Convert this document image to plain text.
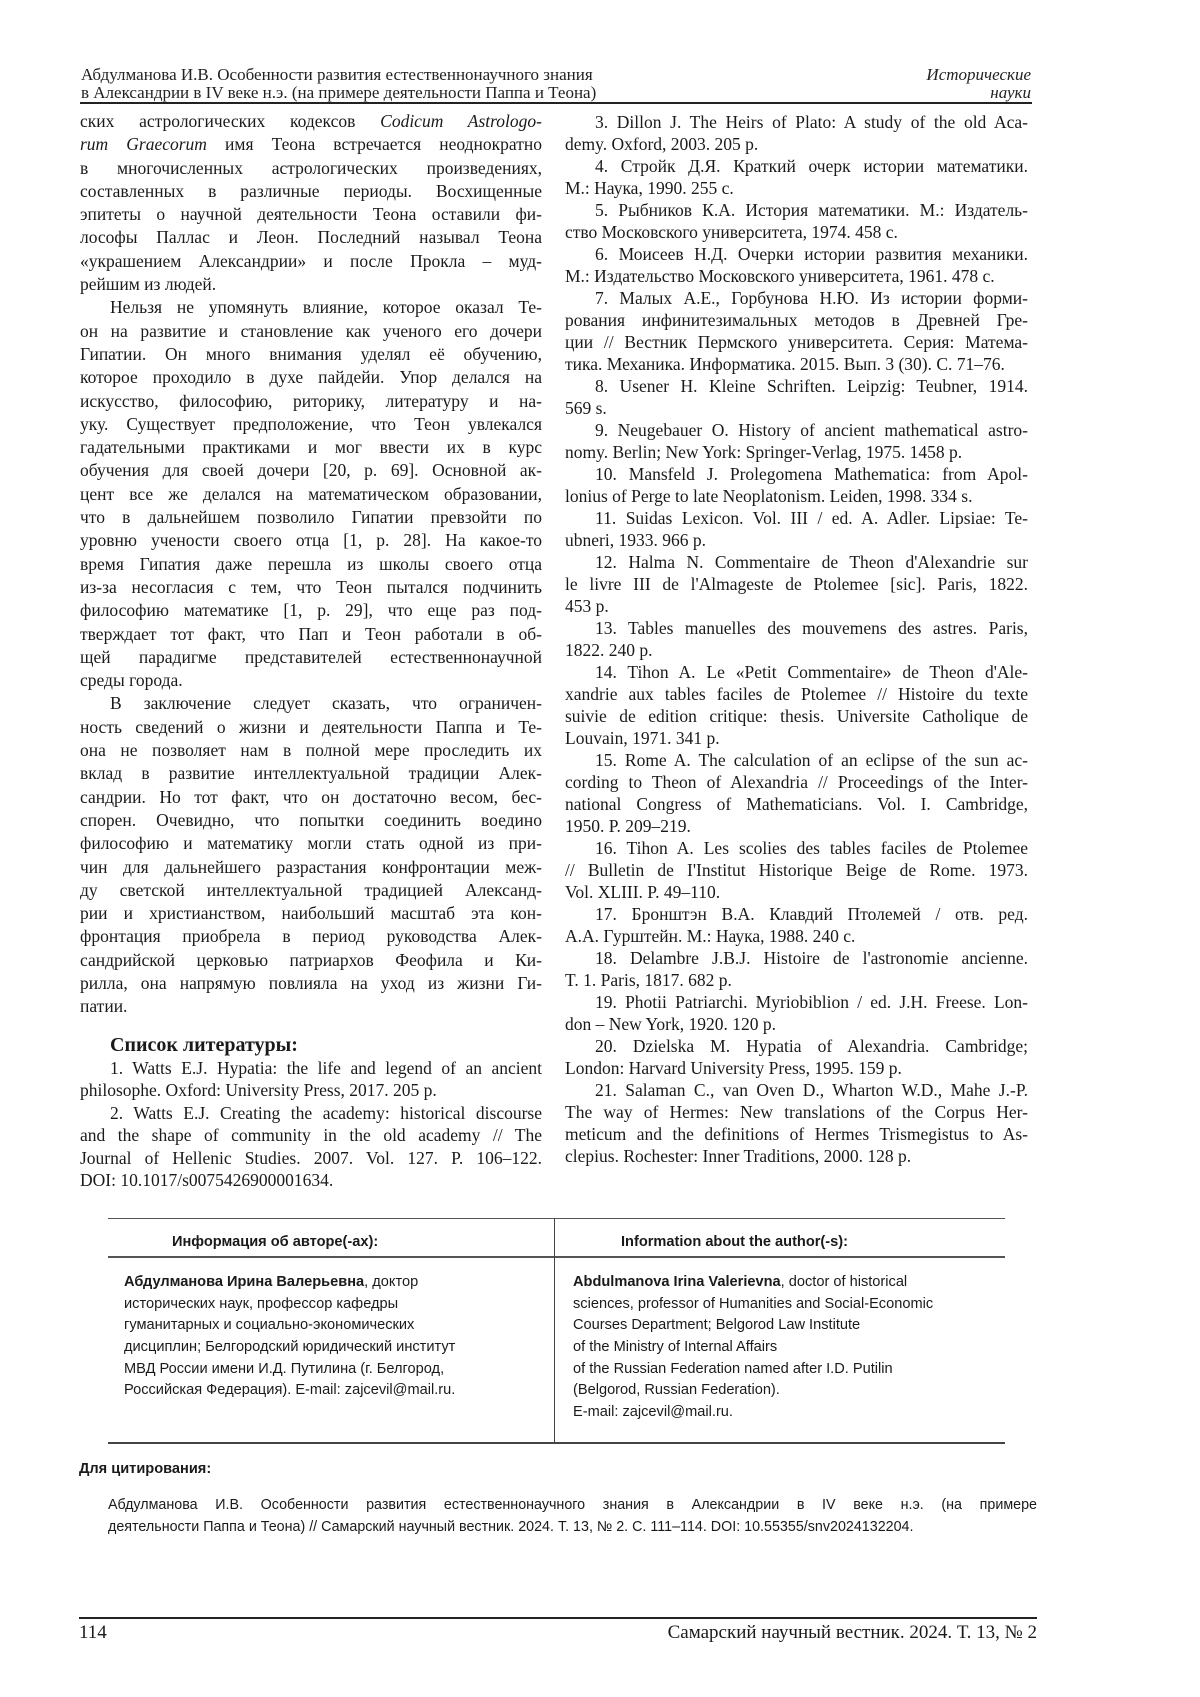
Абдулманова И.В. Особенности развития естественнонаучного знания
в Александрии в IV веке н.э. (на примере деятельности Паппа и Теона)
Исторические
науки
ских астрологических кодексов Codicum Astrologo-
rum Graecorum имя Теона встречается неоднократно
в многочисленных астрологических произведениях,
составленных в различные периоды. Восхищенные
эпитеты о научной деятельности Теона оставили фи-
лософы Паллас и Леон. Последний называл Теона
«украшением Александрии» и после Прокла – муд-
рейшим из людей.
Нельзя не упомянуть влияние, которое оказал Те-
он на развитие и становление как ученого его дочери
Гипатии. Он много внимания уделял её обучению,
которое проходило в духе пайдейи. Упор делался на
искусство, философию, риторику, литературу и на-
уку. Существует предположение, что Теон увлекался
гадательными практиками и мог ввести их в курс
обучения для своей дочери [20, p. 69]. Основной ак-
цент все же делался на математическом образовании,
что в дальнейшем позволило Гипатии превзойти по
уровню учености своего отца [1, p. 28]. На какое-то
время Гипатия даже перешла из школы своего отца
из-за несогласия с тем, что Теон пытался подчинить
философию математике [1, p. 29], что еще раз под-
тверждает тот факт, что Пап и Теон работали в об-
щей парадигме представителей естественнонаучной
среды города.
В заключение следует сказать, что ограничен-
ность сведений о жизни и деятельности Паппа и Те-
она не позволяет нам в полной мере проследить их
вклад в развитие интеллектуальной традиции Алек-
сандрии. Но тот факт, что он достаточно весом, бес-
спорен. Очевидно, что попытки соединить воедино
философию и математику могли стать одной из при-
чин для дальнейшего разрастания конфронтации меж-
ду светской интеллектуальной традицией Александ-
рии и христианством, наибольший масштаб эта кон-
фронтация приобрела в период руководства Алек-
сандрийской церковью патриархов Феофила и Ки-
рилла, она напрямую повлияла на уход из жизни Ги-
патии.
Список литературы:
1. Watts E.J. Hypatia: the life and legend of an ancient
philosophe. Oxford: University Press, 2017. 205 p.
2. Watts E.J. Creating the academy: historical discourse
and the shape of community in the old academy // The
Journal of Hellenic Studies. 2007. Vol. 127. P. 106–122.
DOI: 10.1017/s0075426900001634.
3. Dillon J. The Heirs of Plato: A study of the old Aca-
demy. Oxford, 2003. 205 p.
4. Стройк Д.Я. Краткий очерк истории математики.
М.: Наука, 1990. 255 с.
5. Рыбников К.А. История математики. М.: Издатель-
ство Московского университета, 1974. 458 с.
6. Моисеев Н.Д. Очерки истории развития механики.
М.: Издательство Московского университета, 1961. 478 с.
7. Малых А.Е., Горбунова Н.Ю. Из истории форми-
рования инфинитезимальных методов в Древней Гре-
ции // Вестник Пермского университета. Серия: Матема-
тика. Механика. Информатика. 2015. Вып. 3 (30). С. 71–76.
8. Usener H. Kleine Schriften. Leipzig: Teubner, 1914.
569 s.
9. Neugebauer O. History of ancient mathematical astro-
nomy. Berlin; New York: Springer-Verlag, 1975. 1458 p.
10. Mansfeld J. Prolegomena Mathematica: from Apol-
lonius of Perge to late Neoplatonism. Leiden, 1998. 334 s.
11. Suidas Lexicon. Vol. III / ed. A. Adler. Lipsiae: Te-
ubneri, 1933. 966 p.
12. Halma N. Commentaire de Theon d'Alexandrie sur
le livre III de l'Almageste de Ptolemee [sic]. Paris, 1822.
453 p.
13. Tables manuelles des mouvemens des astres. Paris,
1822. 240 p.
14. Tihon A. Le «Petit Commentaire» de Theon d'Ale-
xandrie aux tables faciles de Ptolemee // Histoire du texte
suivie de edition critique: thesis. Universite Catholique de
Louvain, 1971. 341 p.
15. Rome A. The calculation of an eclipse of the sun ac-
cording to Theon of Alexandria // Proceedings of the Inter-
national Congress of Mathematicians. Vol. I. Cambridge,
1950. P. 209–219.
16. Tihon A. Les scolies des tables faciles de Ptolemee
// Bulletin de I'Institut Historique Beige de Rome. 1973.
Vol. XLIII. P. 49–110.
17. Бронштэн В.А. Клавдий Птолемей / отв. ред.
А.А. Гурштейн. М.: Наука, 1988. 240 с.
18. Delambre J.B.J. Histoire de l'astronomie ancienne.
T. 1. Paris, 1817. 682 p.
19. Photii Patriarchi. Myriobiblion / ed. J.H. Freese. Lon-
don – New York, 1920. 120 p.
20. Dzielska M. Hypatia of Alexandria. Cambridge;
London: Harvard University Press, 1995. 159 p.
21. Salaman C., van Oven D., Wharton W.D., Mahe J.-P.
The way of Hermes: New translations of the Corpus Her-
meticum and the definitions of Hermes Trismegistus to As-
clepius. Rochester: Inner Traditions, 2000. 128 p.
Информация об авторе(-ах):	Information about the author(-s):
Абдулманова Ирина Валерьевна, доктор
исторических наук, профессор кафедры
гуманитарных и социально-экономических
дисциплин; Белгородский юридический институт
МВД России имени И.Д. Путилина (г. Белгород,
Российская Федерация). E-mail: zajcevil@mail.ru.
Abdulmanova Irina Valerievna, doctor of historical
sciences, professor of Humanities and Social-Economic
Courses Department; Belgorod Law Institute
of the Ministry of Internal Affairs
of the Russian Federation named after I.D. Putilin
(Belgorod, Russian Federation).
E-mail: zajcevil@mail.ru.
Для цитирования:
Абдулманова И.В. Особенности развития естественнонаучного знания в Александрии в IV веке н.э. (на примере
деятельности Паппа и Теона) // Самарский научный вестник. 2024. Т. 13, № 2. С. 111–114. DOI: 10.55355/snv2024132204.
114	Самарский научный вестник. 2024. Т. 13, № 2
